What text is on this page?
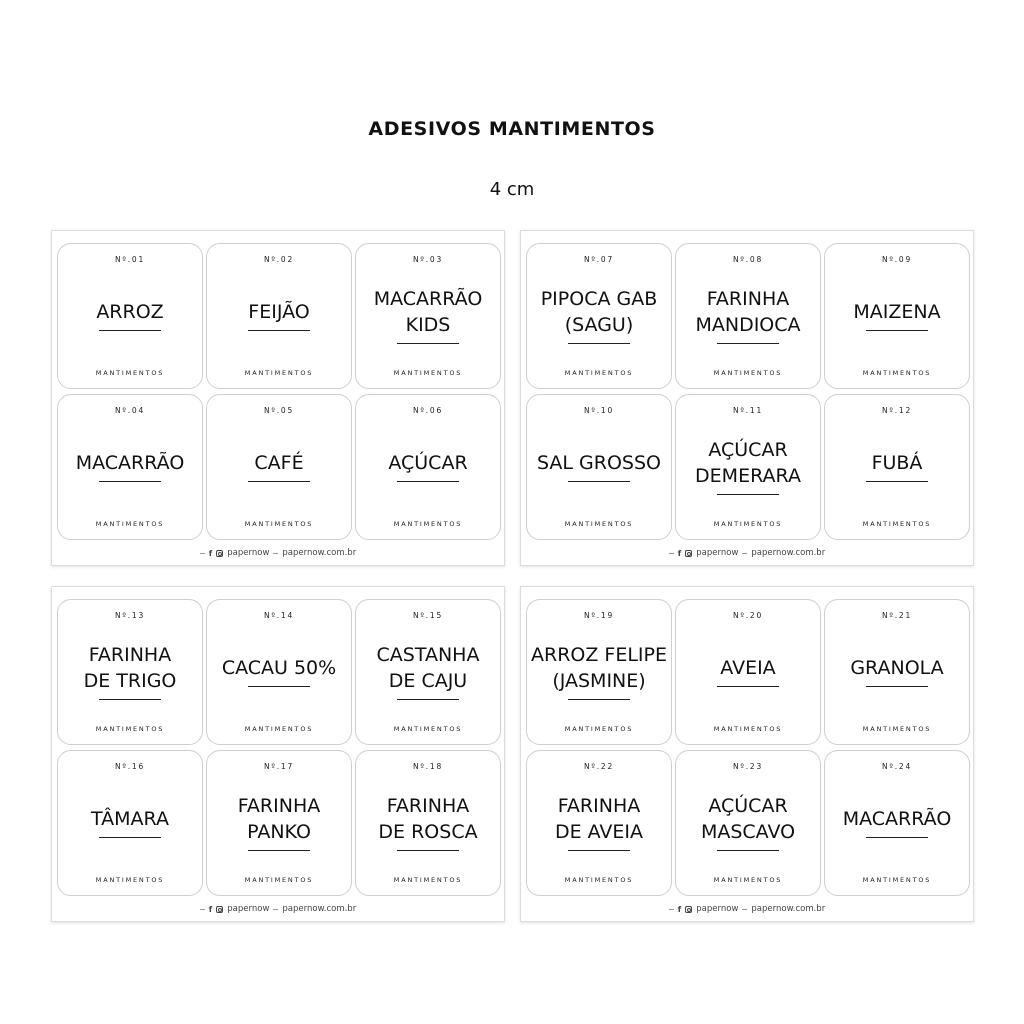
ADESIVOS MANTIMENTOS
4 cm
Nº.01
ARROZ
MANTIMENTOS
Nº.02
FEIJÃO
MANTIMENTOS
Nº.03
MACARRÃO
KIDS
MANTIMENTOS
Nº.04
MACARRÃO
MANTIMENTOS
Nº.05
CAFÉ
MANTIMENTOS
Nº.06
AÇÚCAR
MANTIMENTOS
f papernow papernow.com.br
Nº.07
PIPOCA GAB
(SAGU)
MANTIMENTOS
Nº.08
FARINHA
MANDIOCA
MANTIMENTOS
Nº.09
MAIZENA
MANTIMENTOS
Nº.10
SAL GROSSO
MANTIMENTOS
Nº.11
AÇÚCAR
DEMERARA
MANTIMENTOS
Nº.12
FUBÁ
MANTIMENTOS
f papernow papernow.com.br
Nº.13
FARINHA
DE TRIGO
MANTIMENTOS
Nº.14
CACAU 50%
MANTIMENTOS
Nº.15
CASTANHA
DE CAJU
MANTIMENTOS
Nº.16
TÂMARA
MANTIMENTOS
Nº.17
FARINHA
PANKO
MANTIMENTOS
Nº.18
FARINHA
DE ROSCA
MANTIMENTOS
f papernow papernow.com.br
Nº.19
ARROZ FELIPE
(JASMINE)
MANTIMENTOS
Nº.20
AVEIA
MANTIMENTOS
Nº.21
GRANOLA
MANTIMENTOS
Nº.22
FARINHA
DE AVEIA
MANTIMENTOS
Nº.23
AÇÚCAR
MASCAVO
MANTIMENTOS
Nº.24
MACARRÃO
MANTIMENTOS
f papernow papernow.com.br
